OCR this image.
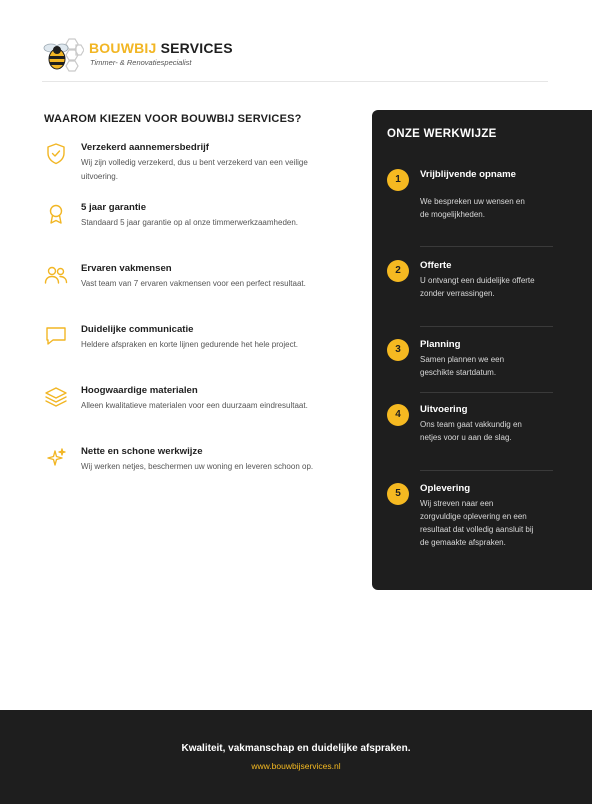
BOUWBIJ SERVICES
Timmer- & Renovatiespecialist
WAAROM KIEZEN VOOR BOUWBIJ SERVICES?
Verzekerd aannemersbedrijf
Wij zijn volledig verzekerd, dus u bent verzekerd van een veilige uitvoering.
5 jaar garantie
Standaard 5 jaar garantie op al onze timmerwerkzaamheden.
Ervaren vakmensen
Vast team van 7 ervaren vakmensen voor een perfect resultaat.
Duidelijke communicatie
Heldere afspraken en korte lijnen gedurende het hele project.
Hoogwaardige materialen
Alleen kwalitatieve materialen voor een duurzaam eindresultaat.
Nette en schone werkwijze
Wij werken netjes, beschermen uw woning en leveren schoon op.
ONZE WERKWIJZE
1	Vrijblijvende opname
We bespreken uw wensen en de mogelijkheden.
2	Offerte
U ontvangt een duidelijke offerte zonder verrassingen.
3	Planning
Samen plannen we een geschikte startdatum.
4	Uitvoering
Ons team gaat vakkundig en netjes voor u aan de slag.
5	Oplevering
Wij streven naar een zorgvuldige oplevering en een resultaat dat volledig aansluit bij de gemaakte afspraken.
Kwaliteit, vakmanschap en duidelijke afspraken.
www.bouwbijservices.nl
